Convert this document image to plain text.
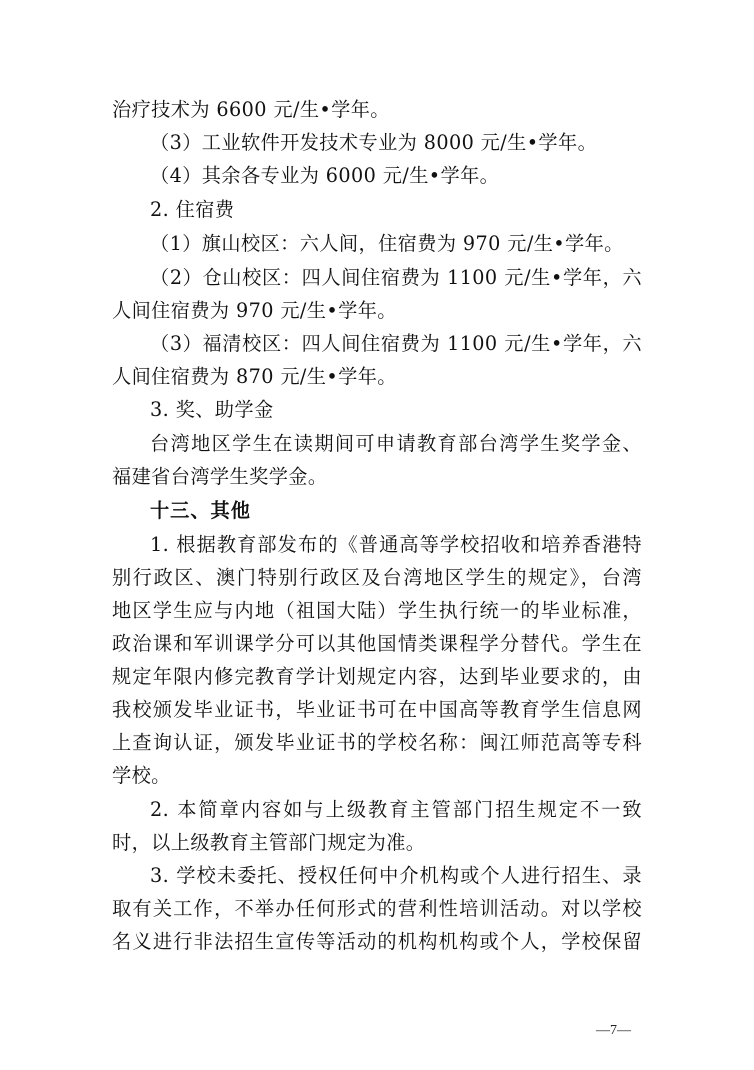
治疗技术为 6600 元/生•学年。
（3）工业软件开发技术专业为 8000 元/生•学年。
（4）其余各专业为 6000 元/生•学年。
2. 住宿费
（1）旗山校区：六人间，住宿费为 970 元/生•学年。
（2）仓山校区：四人间住宿费为 1100 元/生•学年，六
人间住宿费为 970 元/生•学年。
（3）福清校区：四人间住宿费为 1100 元/生•学年，六
人间住宿费为 870 元/生•学年。
3. 奖、助学金
台湾地区学生在读期间可申请教育部台湾学生奖学金、
福建省台湾学生奖学金。
十三、其他
1. 根据教育部发布的《普通高等学校招收和培养香港特
别行政区、澳门特别行政区及台湾地区学生的规定》，台湾
地区学生应与内地（祖国大陆）学生执行统一的毕业标准，
政治课和军训课学分可以其他国情类课程学分替代。学生在
规定年限内修完教育学计划规定内容，达到毕业要求的，由
我校颁发毕业证书，毕业证书可在中国高等教育学生信息网
上查询认证，颁发毕业证书的学校名称：闽江师范高等专科
学校。
2. 本简章内容如与上级教育主管部门招生规定不一致
时，以上级教育主管部门规定为准。
3. 学校未委托、授权任何中介机构或个人进行招生、录
取有关工作，不举办任何形式的营利性培训活动。对以学校
名义进行非法招生宣传等活动的机构机构或个人，学校保留
—7—
